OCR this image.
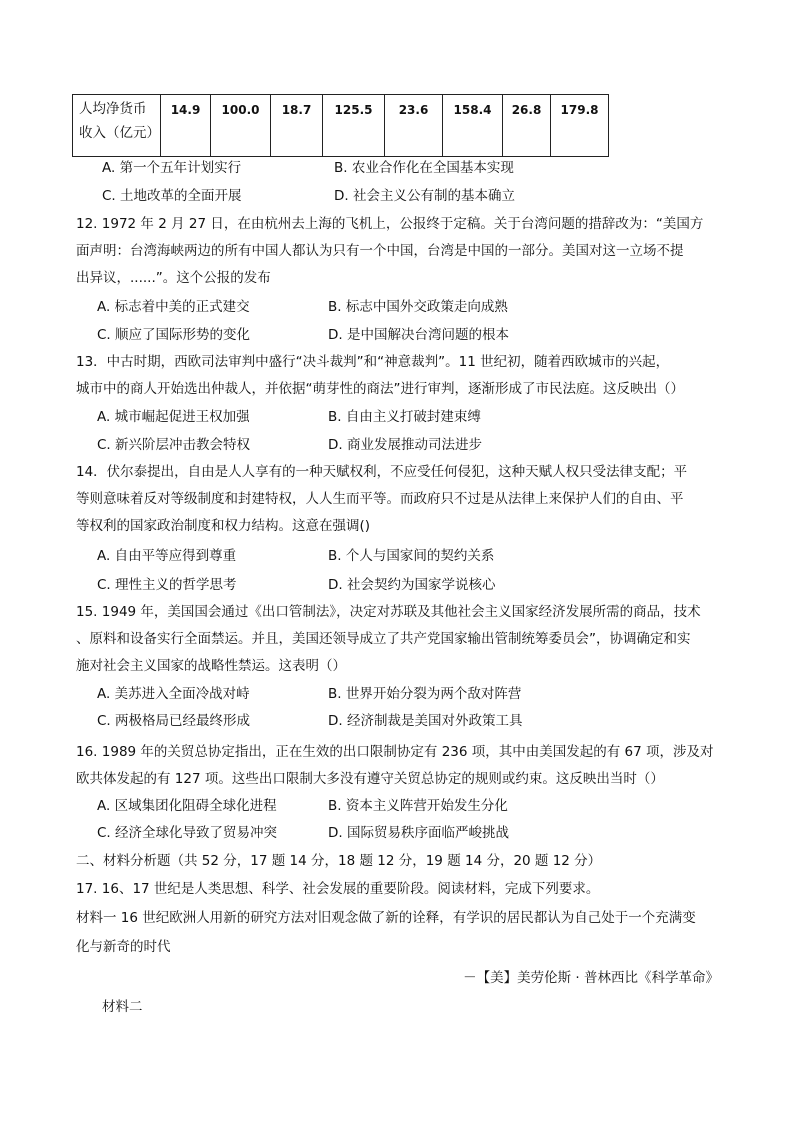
人均净货币
收入（亿元）	14.9	100.0	18.7	125.5	23.6	158.4	26.8	179.8
A. 第一个五年计划实行	B. 农业合作化在全国基本实现
C. 土地改革的全面开展	D. 社会主义公有制的基本确立
12. 1972 年 2 月 27 日，在由杭州去上海的飞机上，公报终于定稿。关于台湾问题的措辞改为：“美国方
面声明：台湾海峡两边的所有中国人都认为只有一个中国，台湾是中国的一部分。美国对这一立场不提
出异议，......”。这个公报的发布
A. 标志着中美的正式建交	B. 标志中国外交政策走向成熟
C. 顺应了国际形势的变化	D. 是中国解决台湾问题的根本
13．中古时期，西欧司法审判中盛行“决斗裁判”和“神意裁判”。11 世纪初，随着西欧城市的兴起，
城市中的商人开始选出仲裁人，并依据“萌芽性的商法”进行审判，逐渐形成了市民法庭。这反映出（）
A. 城市崛起促进王权加强	B. 自由主义打破封建束缚
C. 新兴阶层冲击教会特权	D. 商业发展推动司法进步
14．伏尔泰提出，自由是人人享有的一种天赋权利，不应受任何侵犯，这种天赋人权只受法律支配；平
等则意味着反对等级制度和封建特权，人人生而平等。而政府只不过是从法律上来保护人们的自由、平
等权利的国家政治制度和权力结构。这意在强调()
A. 自由平等应得到尊重	B. 个人与国家间的契约关系
C. 理性主义的哲学思考	D. 社会契约为国家学说核心
15. 1949 年，美国国会通过《出口管制法》，决定对苏联及其他社会主义国家经济发展所需的商品，技术
、原料和设备实行全面禁运。并且，美国还领导成立了共产党国家输出管制统筹委员会”，协调确定和实
施对社会主义国家的战略性禁运。这表明（）
A. 美苏进入全面冷战对峙	B. 世界开始分裂为两个敌对阵营
C. 两极格局已经最终形成	D. 经济制裁是美国对外政策工具
16. 1989 年的关贸总协定指出，正在生效的出口限制协定有 236 项，其中由美国发起的有 67 项，涉及对
欧共体发起的有 127 项。这些出口限制大多没有遵守关贸总协定的规则或约束。这反映出当时（）
A. 区域集团化阻碍全球化进程	B. 资本主义阵营开始发生分化
C. 经济全球化导致了贸易冲突	D. 国际贸易秩序面临严峻挑战
二、材料分析题（共 52 分，17 题 14 分，18 题 12 分，19 题 14 分，20 题 12 分）
17. 16、17 世纪是人类思想、科学、社会发展的重要阶段。阅读材料，完成下列要求。
材料一 16 世纪欧洲人用新的研究方法对旧观念做了新的诠释，有学识的居民都认为自己处于一个充满变
化与新奇的时代
－【美】美劳伦斯 · 普林西比《科学革命》
材料二
